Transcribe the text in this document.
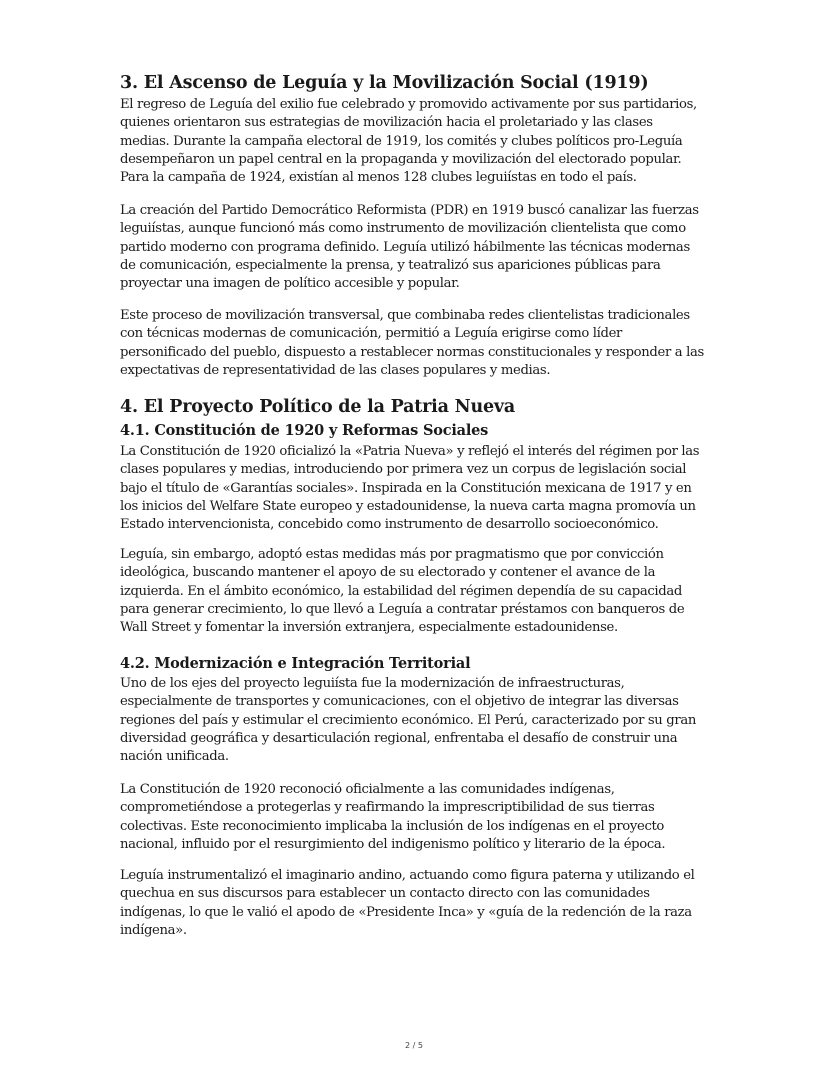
3. El Ascenso de Leguía y la Movilización Social (1919)
El regreso de Leguía del exilio fue celebrado y promovido activamente por sus partidarios,
quienes orientaron sus estrategias de movilización hacia el proletariado y las clases
medias. Durante la campaña electoral de 1919, los comités y clubes políticos pro-Leguía
desempeñaron un papel central en la propaganda y movilización del electorado popular.
Para la campaña de 1924, existían al menos 128 clubes leguiístas en todo el país.
La creación del Partido Democrático Reformista (PDR) en 1919 buscó canalizar las fuerzas
leguiístas, aunque funcionó más como instrumento de movilización clientelista que como
partido moderno con programa definido. Leguía utilizó hábilmente las técnicas modernas
de comunicación, especialmente la prensa, y teatralizó sus apariciones públicas para
proyectar una imagen de político accesible y popular.
Este proceso de movilización transversal, que combinaba redes clientelistas tradicionales
con técnicas modernas de comunicación, permitió a Leguía erigirse como líder
personificado del pueblo, dispuesto a restablecer normas constitucionales y responder a las
expectativas de representatividad de las clases populares y medias.
4. El Proyecto Político de la Patria Nueva
4.1. Constitución de 1920 y Reformas Sociales
La Constitución de 1920 oficializó la «Patria Nueva» y reflejó el interés del régimen por las
clases populares y medias, introduciendo por primera vez un corpus de legislación social
bajo el título de «Garantías sociales». Inspirada en la Constitución mexicana de 1917 y en
los inicios del Welfare State europeo y estadounidense, la nueva carta magna promovía un
Estado intervencionista, concebido como instrumento de desarrollo socioeconómico.
Leguía, sin embargo, adoptó estas medidas más por pragmatismo que por convicción
ideológica, buscando mantener el apoyo de su electorado y contener el avance de la
izquierda. En el ámbito económico, la estabilidad del régimen dependía de su capacidad
para generar crecimiento, lo que llevó a Leguía a contratar préstamos con banqueros de
Wall Street y fomentar la inversión extranjera, especialmente estadounidense.
4.2. Modernización e Integración Territorial
Uno de los ejes del proyecto leguiísta fue la modernización de infraestructuras,
especialmente de transportes y comunicaciones, con el objetivo de integrar las diversas
regiones del país y estimular el crecimiento económico. El Perú, caracterizado por su gran
diversidad geográfica y desarticulación regional, enfrentaba el desafío de construir una
nación unificada.
La Constitución de 1920 reconoció oficialmente a las comunidades indígenas,
comprometiéndose a protegerlas y reafirmando la imprescriptibilidad de sus tierras
colectivas. Este reconocimiento implicaba la inclusión de los indígenas en el proyecto
nacional, influido por el resurgimiento del indigenismo político y literario de la época.
Leguía instrumentalizó el imaginario andino, actuando como figura paterna y utilizando el
quechua en sus discursos para establecer un contacto directo con las comunidades
indígenas, lo que le valió el apodo de «Presidente Inca» y «guía de la redención de la raza
indígena».
2 / 5
